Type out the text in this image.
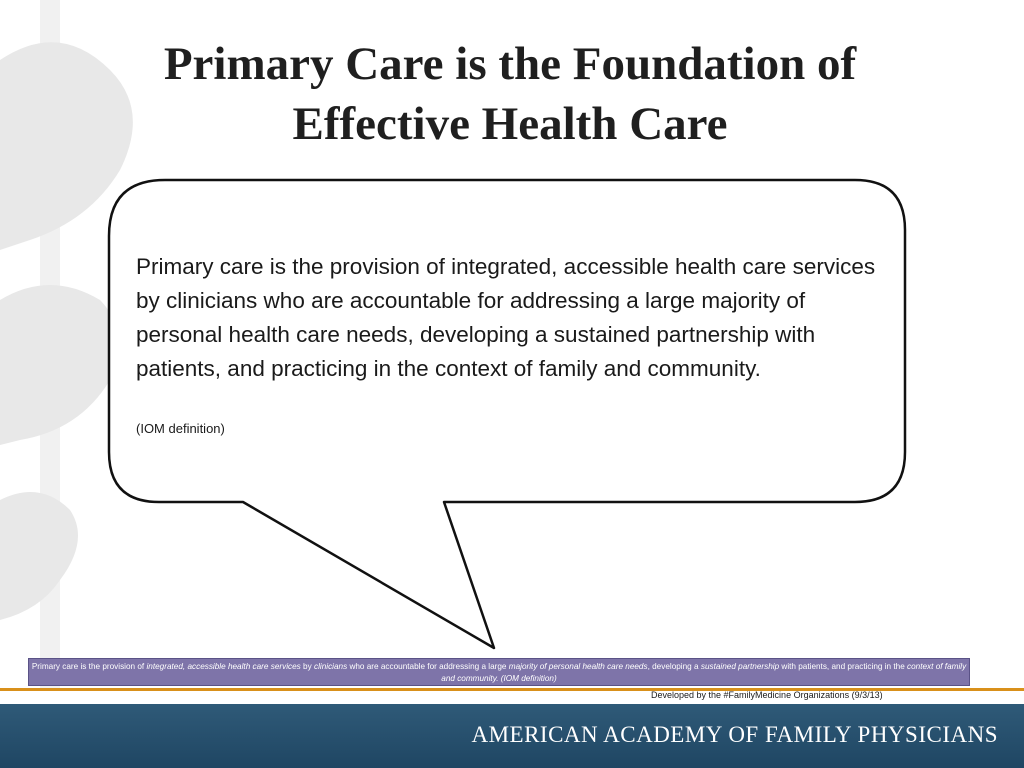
Primary Care is the Foundation of
Effective Health Care
Primary care is the provision of integrated, accessible health care services by clinicians who are accountable for addressing a large majority of personal health care needs, developing a sustained partnership with patients, and practicing in the context of family and community.
(IOM definition)
Primary care is the provision of integrated, accessible health care services by clinicians who are accountable for addressing a large majority of personal health care needs, developing a sustained partnership with patients, and practicing in the context of family and community. (IOM definition)
Developed by the #FamilyMedicine Organizations (9/3/13)
AMERICAN ACADEMY OF FAMILY PHYSICIANS
